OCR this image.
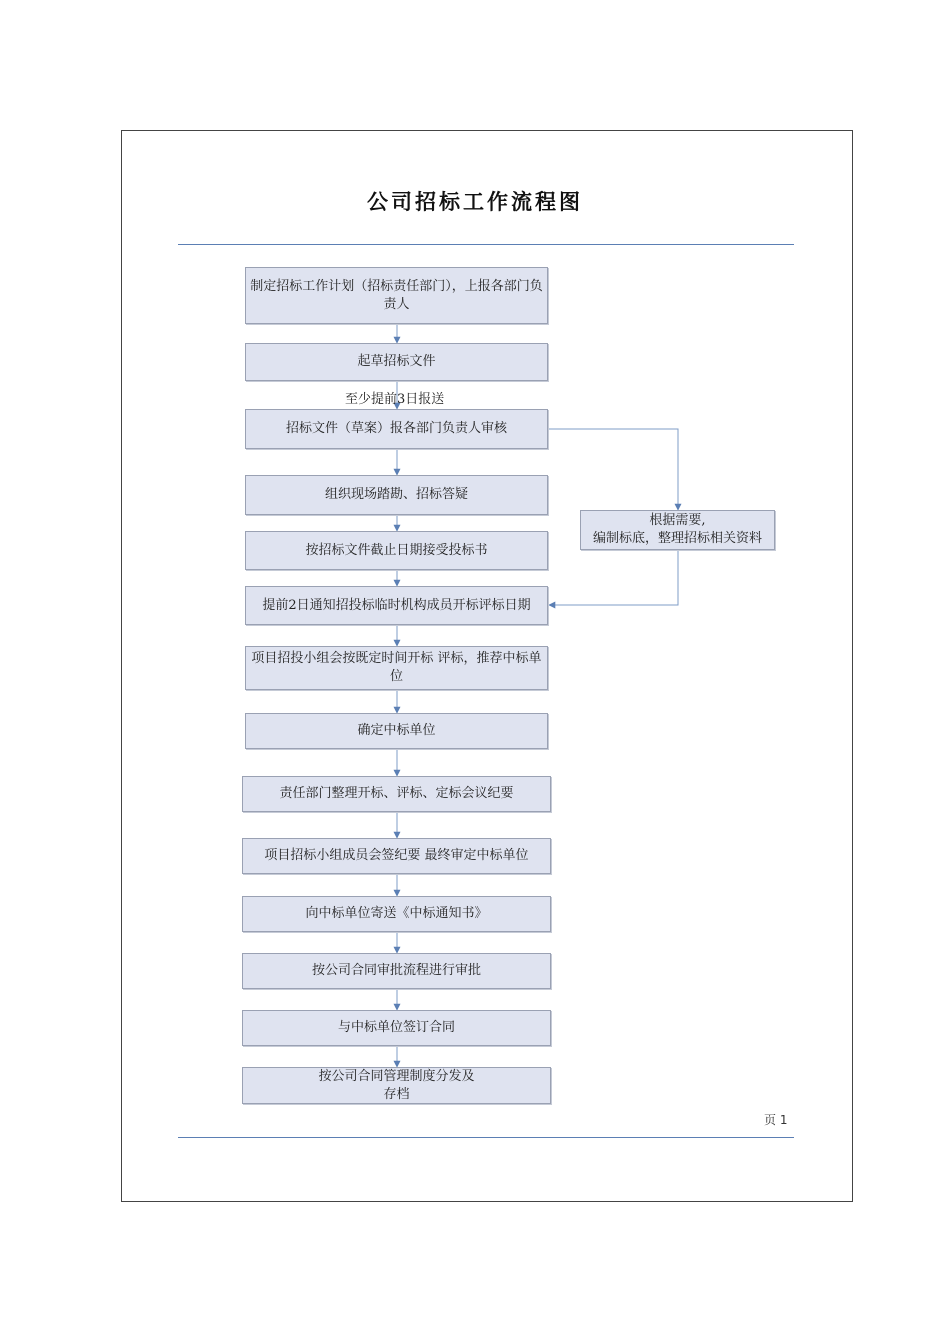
公司招标工作流程图
制定招标工作计划（招标责任部门），上报各部门负责人
起草招标文件
至少提前3日报送
招标文件（草案）报各部门负责人审核
组织现场踏勘、招标答疑
按招标文件截止日期接受投标书
提前2日通知招投标临时机构成员开标评标日期
项目招投小组会按既定时间开标 评标，推荐中标单位
确定中标单位
责任部门整理开标、评标、定标会议纪要
项目招标小组成员会签纪要 最终审定中标单位
向中标单位寄送《中标通知书》
按公司合同审批流程进行审批
与中标单位签订合同
按公司合同管理制度分发及存档
根据需要,
编制标底，整理招标相关资料
页 1
